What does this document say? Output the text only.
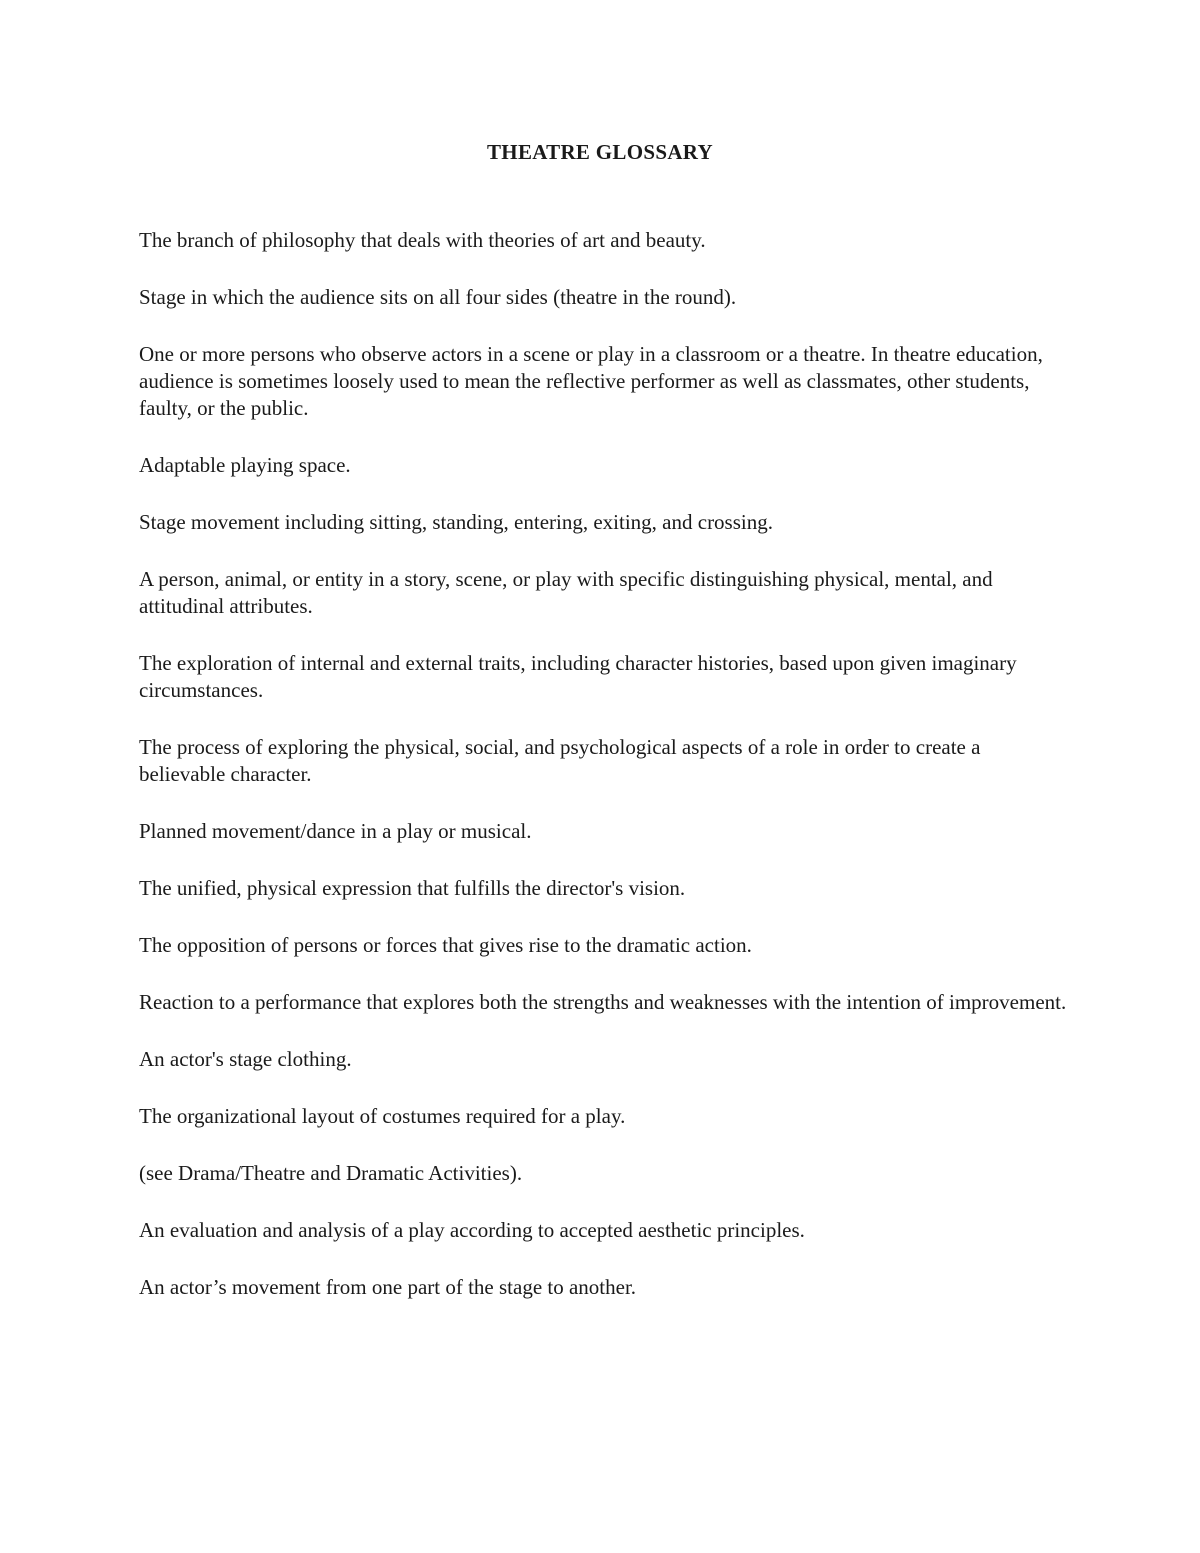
THEATRE GLOSSARY
The branch of philosophy that deals with theories of art and beauty.
Stage in which the audience sits on all four sides (theatre in the round).
One or more persons who observe actors in a scene or play in a classroom or a theatre. In theatre education, audience is sometimes loosely used to mean the reflective performer as well as classmates, other students, faulty, or the public.
Adaptable playing space.
Stage movement including sitting, standing, entering, exiting, and crossing.
A person, animal, or entity in a story, scene, or play with specific distinguishing physical, mental, and attitudinal attributes.
The exploration of internal and external traits, including character histories, based upon given imaginary circumstances.
The process of exploring the physical, social, and psychological aspects of a role in order to create a believable character.
Planned movement/dance in a play or musical.
The unified, physical expression that fulfills the director's vision.
The opposition of persons or forces that gives rise to the dramatic action.
Reaction to a performance that explores both the strengths and weaknesses with the intention of improvement.
An actor's stage clothing.
The organizational layout of costumes required for a play.
(see Drama/Theatre and Dramatic Activities).
An evaluation and analysis of a play according to accepted aesthetic principles.
An actor’s movement from one part of the stage to another.
